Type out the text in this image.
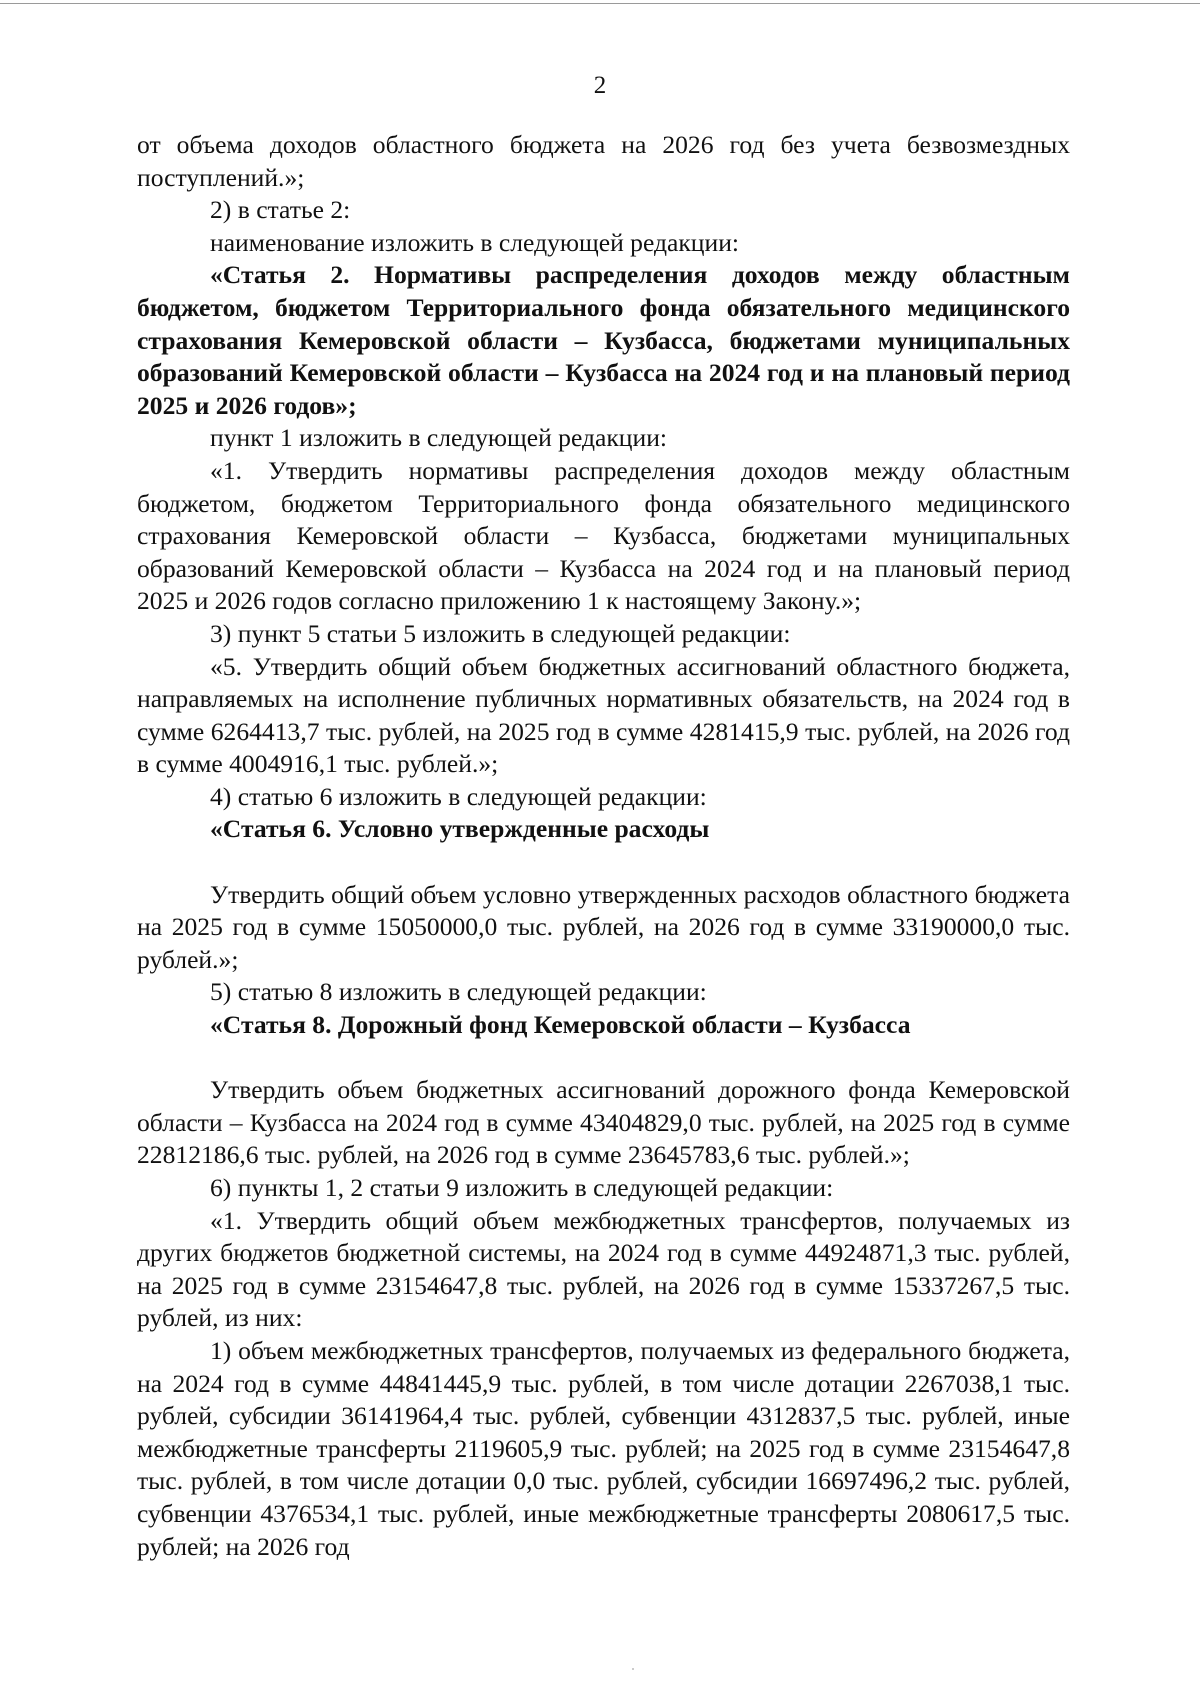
2

от объема доходов областного бюджета на 2026 год без учета безвозмездных поступлений.»;

2) в статье 2:

наименование изложить в следующей редакции:

«Статья 2. Нормативы распределения доходов между областным бюджетом, бюджетом Территориального фонда обязательного медицинского страхования Кемеровской области – Кузбасса, бюджетами муниципальных образований Кемеровской области – Кузбасса на 2024 год и на плановый период 2025 и 2026 годов»;

пункт 1 изложить в следующей редакции:

«1. Утвердить нормативы распределения доходов между областным бюджетом, бюджетом Территориального фонда обязательного медицинского страхования Кемеровской области – Кузбасса, бюджетами муниципальных образований Кемеровской области – Кузбасса на 2024 год и на плановый период 2025 и 2026 годов согласно приложению 1 к настоящему Закону.»;

3) пункт 5 статьи 5 изложить в следующей редакции:

«5. Утвердить общий объем бюджетных ассигнований областного бюджета, направляемых на исполнение публичных нормативных обязательств, на 2024 год в сумме 6264413,7 тыс. рублей, на 2025 год в сумме 4281415,9 тыс. рублей, на 2026 год в сумме 4004916,1 тыс. рублей.»;

4) статью 6 изложить в следующей редакции:

«Статья 6. Условно утвержденные расходы

Утвердить общий объем условно утвержденных расходов областного бюджета на 2025 год в сумме 15050000,0 тыс. рублей, на 2026 год в сумме 33190000,0 тыс. рублей.»;

5) статью 8 изложить в следующей редакции:

«Статья 8. Дорожный фонд Кемеровской области – Кузбасса

Утвердить объем бюджетных ассигнований дорожного фонда Кемеровской области – Кузбасса на 2024 год в сумме 43404829,0 тыс. рублей, на 2025 год в сумме 22812186,6 тыс. рублей, на 2026 год в сумме 23645783,6 тыс. рублей.»;

6) пункты 1, 2 статьи 9 изложить в следующей редакции:

«1. Утвердить общий объем межбюджетных трансфертов, получаемых из других бюджетов бюджетной системы, на 2024 год в сумме 44924871,3 тыс. рублей, на 2025 год в сумме 23154647,8 тыс. рублей, на 2026 год в сумме 15337267,5 тыс. рублей, из них:

1) объем межбюджетных трансфертов, получаемых из федерального бюджета, на 2024 год в сумме 44841445,9 тыс. рублей, в том числе дотации 2267038,1 тыс. рублей, субсидии 36141964,4 тыс. рублей, субвенции 4312837,5 тыс. рублей, иные межбюджетные трансферты 2119605,9 тыс. рублей; на 2025 год в сумме 23154647,8 тыс. рублей, в том числе дотации 0,0 тыс. рублей, субсидии 16697496,2 тыс. рублей, субвенции 4376534,1 тыс. рублей, иные межбюджетные трансферты 2080617,5 тыс. рублей; на 2026 год
